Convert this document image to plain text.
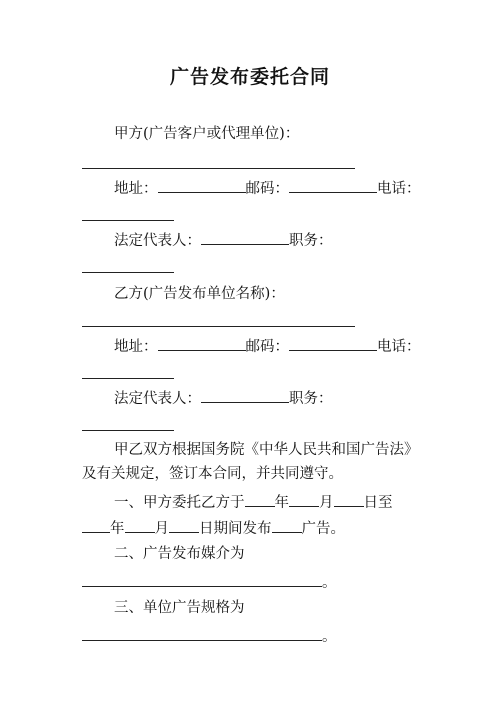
广告发布委托合同
甲方(广告客户或代理单位)：
地址：	邮码：	电话：
法定代表人：	职务：
乙方(广告发布单位名称)：
地址：	邮码：	电话：
法定代表人：	职务：
甲乙双方根据国务院《中华人民共和国广告法》
及有关规定，签订本合同，并共同遵守。
一、甲方委托乙方于 年 月 日至
年 月 日期间发布 广告。
二、广告发布媒介为
。
三、单位广告规格为
。
